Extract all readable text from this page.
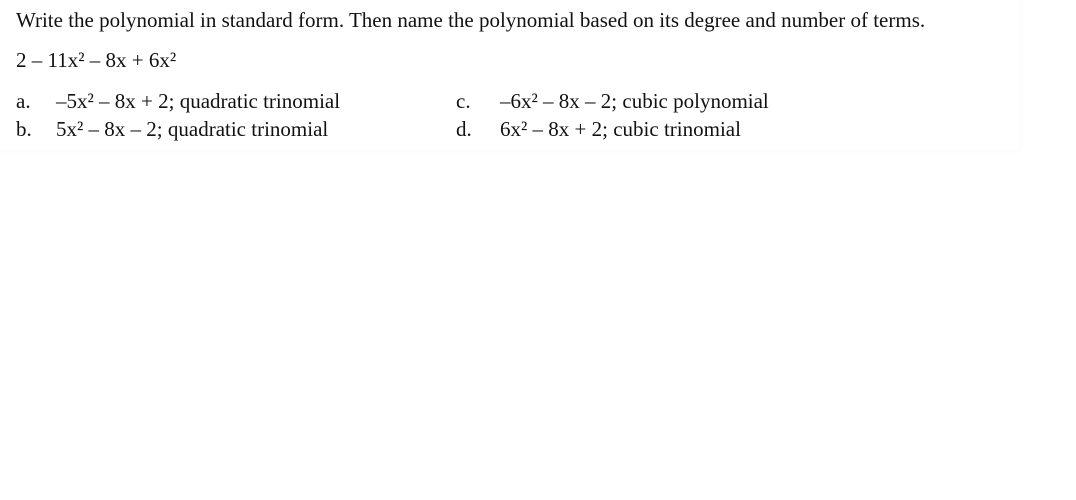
Write the polynomial in standard form. Then name the polynomial based on its degree and number of terms.
2 – 11x² – 8x + 6x²
a. –5x² – 8x + 2; quadratic trinomial
b. 5x² – 8x – 2; quadratic trinomial
c. –6x² – 8x – 2; cubic polynomial
d. 6x² – 8x + 2; cubic trinomial
